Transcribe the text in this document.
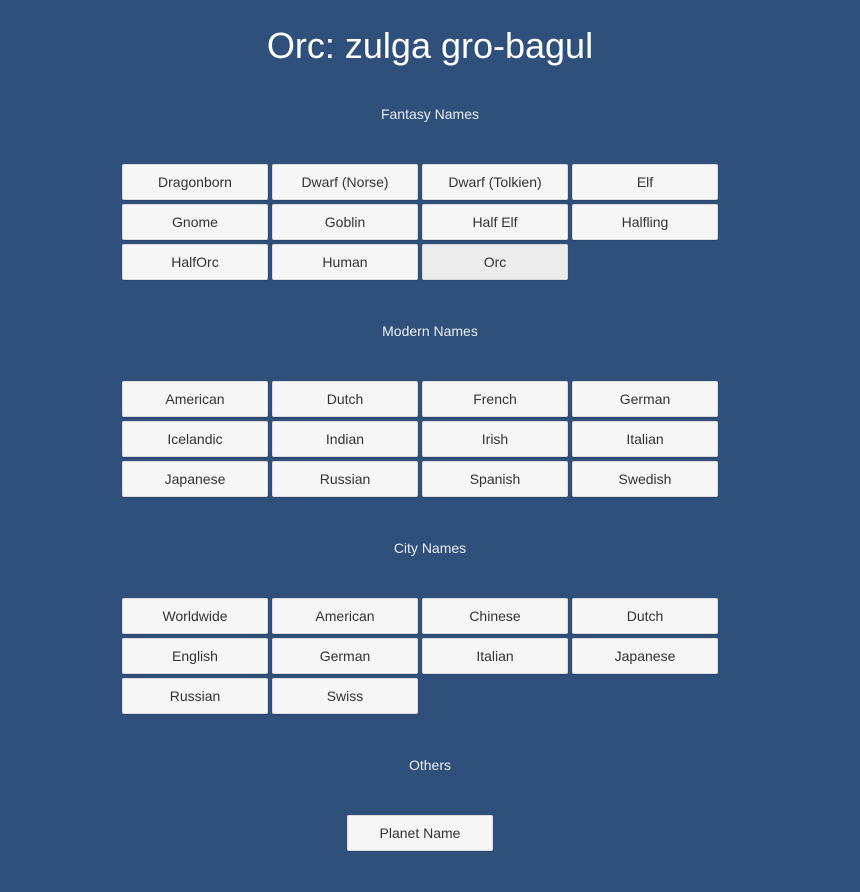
Orc: zulga gro-bagul
Fantasy Names
Dragonborn	Dwarf (Norse)	Dwarf (Tolkien)	Elf
Gnome	Goblin	Half Elf	Halfling
HalfOrc	Human	Orc
Modern Names
American	Dutch	French	German
Icelandic	Indian	Irish	Italian
Japanese	Russian	Spanish	Swedish
City Names
Worldwide	American	Chinese	Dutch
English	German	Italian	Japanese
Russian	Swiss
Others
Planet Name
